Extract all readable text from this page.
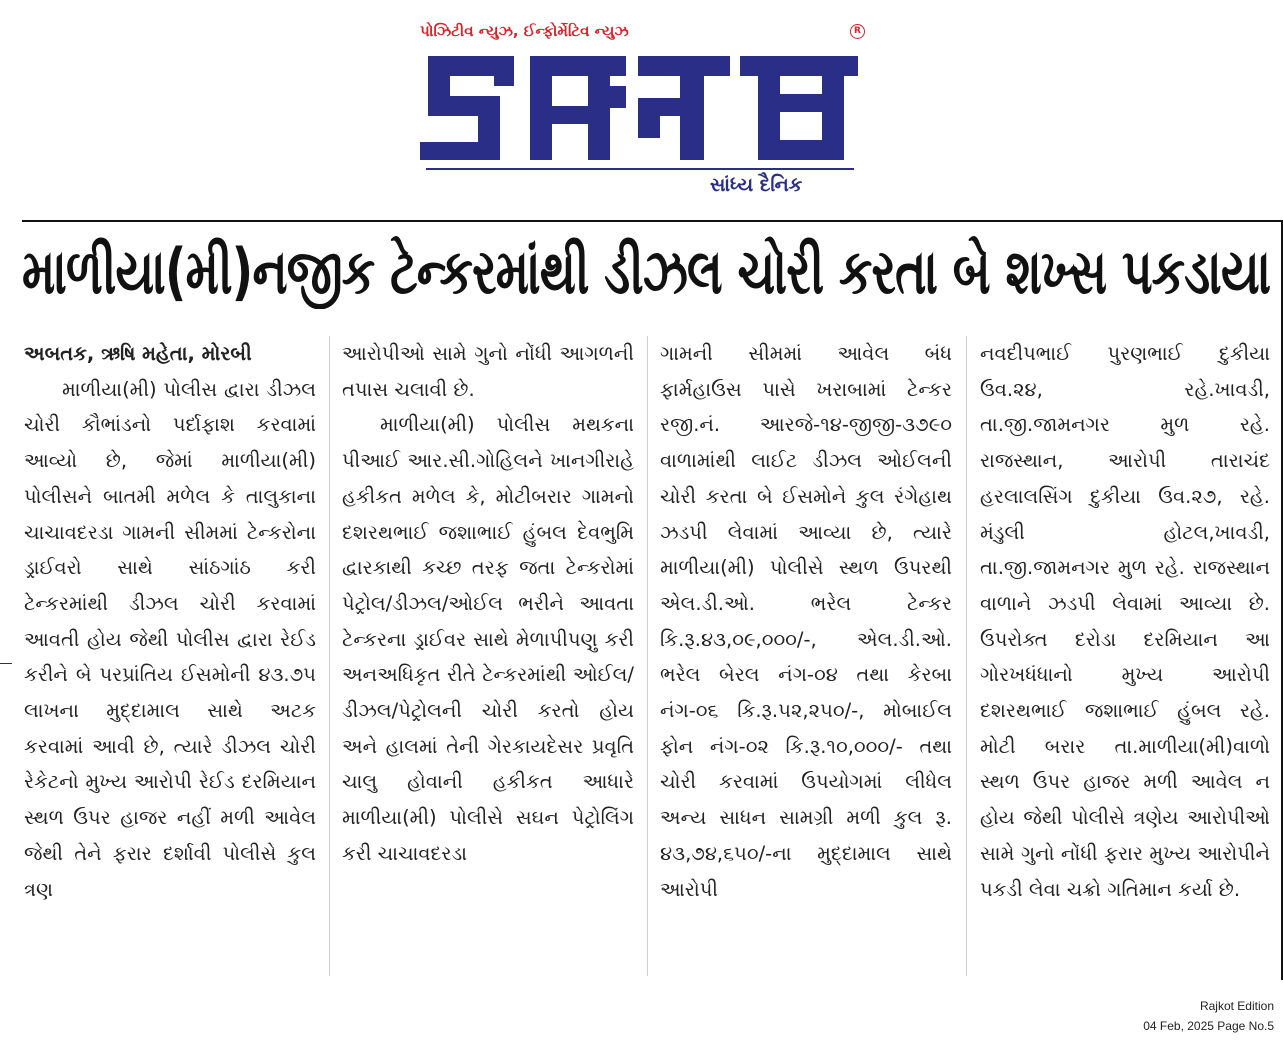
પોઝિટીવ ન્યુઝ, ઈન્ફોર્મેટિવ ન્યુઝ	R
સાંધ્ય દૈનિક
માળીયા(મી)નજીક ટેન્કરમાંથી ડીઝલ ચોરી કરતા બે શખ્સ પકડાયા
અબતક, ઋષિ મહેતા, મોરબી
માળીયા(મી) પોલીસ દ્વારા ડીઝલ ચોરી કૌભાંડનો પર્દાફાશ કરવામાં આવ્યો છે, જેમાં માળીયા(મી) પોલીસને બાતમી મળેલ કે તાલુકાના ચાચાવદરડા ગામની સીમમાં ટેન્કરોના ડ્રાઈવરો સાથે સાંઠગાંઠ કરી ટેન્કરમાંથી ડીઝલ ચોરી કરવામાં આવતી હોય જેથી પોલીસ દ્વારા રેઈડ કરીને બે પરપ્રાંતિય ઈસમોની ૪૩.૭૫ લાખના મુદ્દામાલ સાથે અટક કરવામાં આવી છે, ત્યારે ડીઝલ ચોરી રેકેટનો મુખ્ય આરોપી રેઈડ દરમિયાન સ્થળ ઉપર હાજર નહીં મળી આવેલ જેથી તેને ફરાર દર્શાવી પોલીસે કુલ ત્રણ
આરોપીઓ સામે ગુનો નોંધી આગળની તપાસ ચલાવી છે.
માળીયા(મી) પોલીસ મથકના પીઆઈ આર.સી.ગોહિલને ખાનગીરાહે હકીકત મળેલ કે, મોટીબરાર ગામનો દશરથભાઈ જશાભાઈ હુંબલ દેવભુમિ દ્વારકાથી કચ્છ તરફ જતા ટેન્કરોમાં પેટ્રોલ/ડીઝલ/ઓઈલ ભરીને આવતા ટેન્કરના ડ્રાઈવર સાથે મેળાપીપણુ કરી અનઅધિકૃત રીતે ટેન્કરમાંથી ઓઈલ/ડીઝલ/પેટ્રોલની ચોરી કરતો હોય અને હાલમાં તેની ગેરકાયદેસર પ્રવૃતિ ચાલુ હોવાની હકીકત આધારે માળીયા(મી) પોલીસે સઘન પેટ્રોલિંગ કરી ચાચાવદરડા
ગામની સીમમાં આવેલ બંધ ફાર્મહાઉસ પાસે ખરાબામાં ટેન્કર રજી.નં. આરજે-૧૪-જીજી-૩૭૯૦ વાળામાંથી લાઈટ ડીઝલ ઓઈલની ચોરી કરતા બે ઈસમોને કુલ રંગેહાથ ઝડપી લેવામાં આવ્યા છે, ત્યારે માળીયા(મી) પોલીસે સ્થળ ઉપરથી એલ.ડી.ઓ. ભરેલ ટેન્કર કિ.રૂ.૪૩,૦૯,૦૦૦/-, એલ.ડી.ઓ. ભરેલ બેરલ નંગ-૦૪ તથા કેરબા નંગ-૦૬ કિ.રૂ.૫૨,૨૫૦/-, મોબાઈલ ફોન નંગ-૦૨ કિ.રૂ.૧૦,૦૦૦/- તથા ચોરી કરવામાં ઉપયોગમાં લીધેલ અન્ય સાધન સામગ્રી મળી કુલ રૂ. ૪૩,૭૪,૬૫૦/-ના મુદ્દામાલ સાથે આરોપી
નવદીપભાઈ પુરણભાઈ દુકીયા ઉવ.૨૪, રહે.ખાવડી, તા.જી.જામનગર મુળ રહે. રાજસ્થાન, આરોપી તારાચંદ હરલાલસિંગ દુકીયા ઉવ.૨૭, રહે. મંડુલી હોટલ,ખાવડી, તા.જી.જામનગર મુળ રહે. રાજસ્થાન વાળાને ઝડપી લેવામાં આવ્યા છે. ઉપરોક્ત દરોડા દરમિયાન આ ગોરખધંધાનો મુખ્ય આરોપી દશરથભાઈ જશાભાઈ હુંબલ રહે. મોટી બરાર તા.માળીયા(મી)વાળો સ્થળ ઉપર હાજર મળી આવેલ ન હોય જેથી પોલીસે ત્રણેય આરોપીઓ સામે ગુનો નોંધી ફરાર મુખ્ય આરોપીને પકડી લેવા ચક્રો ગતિમાન કર્યા છે.
Rajkot Edition
04 Feb, 2025 Page No.5
